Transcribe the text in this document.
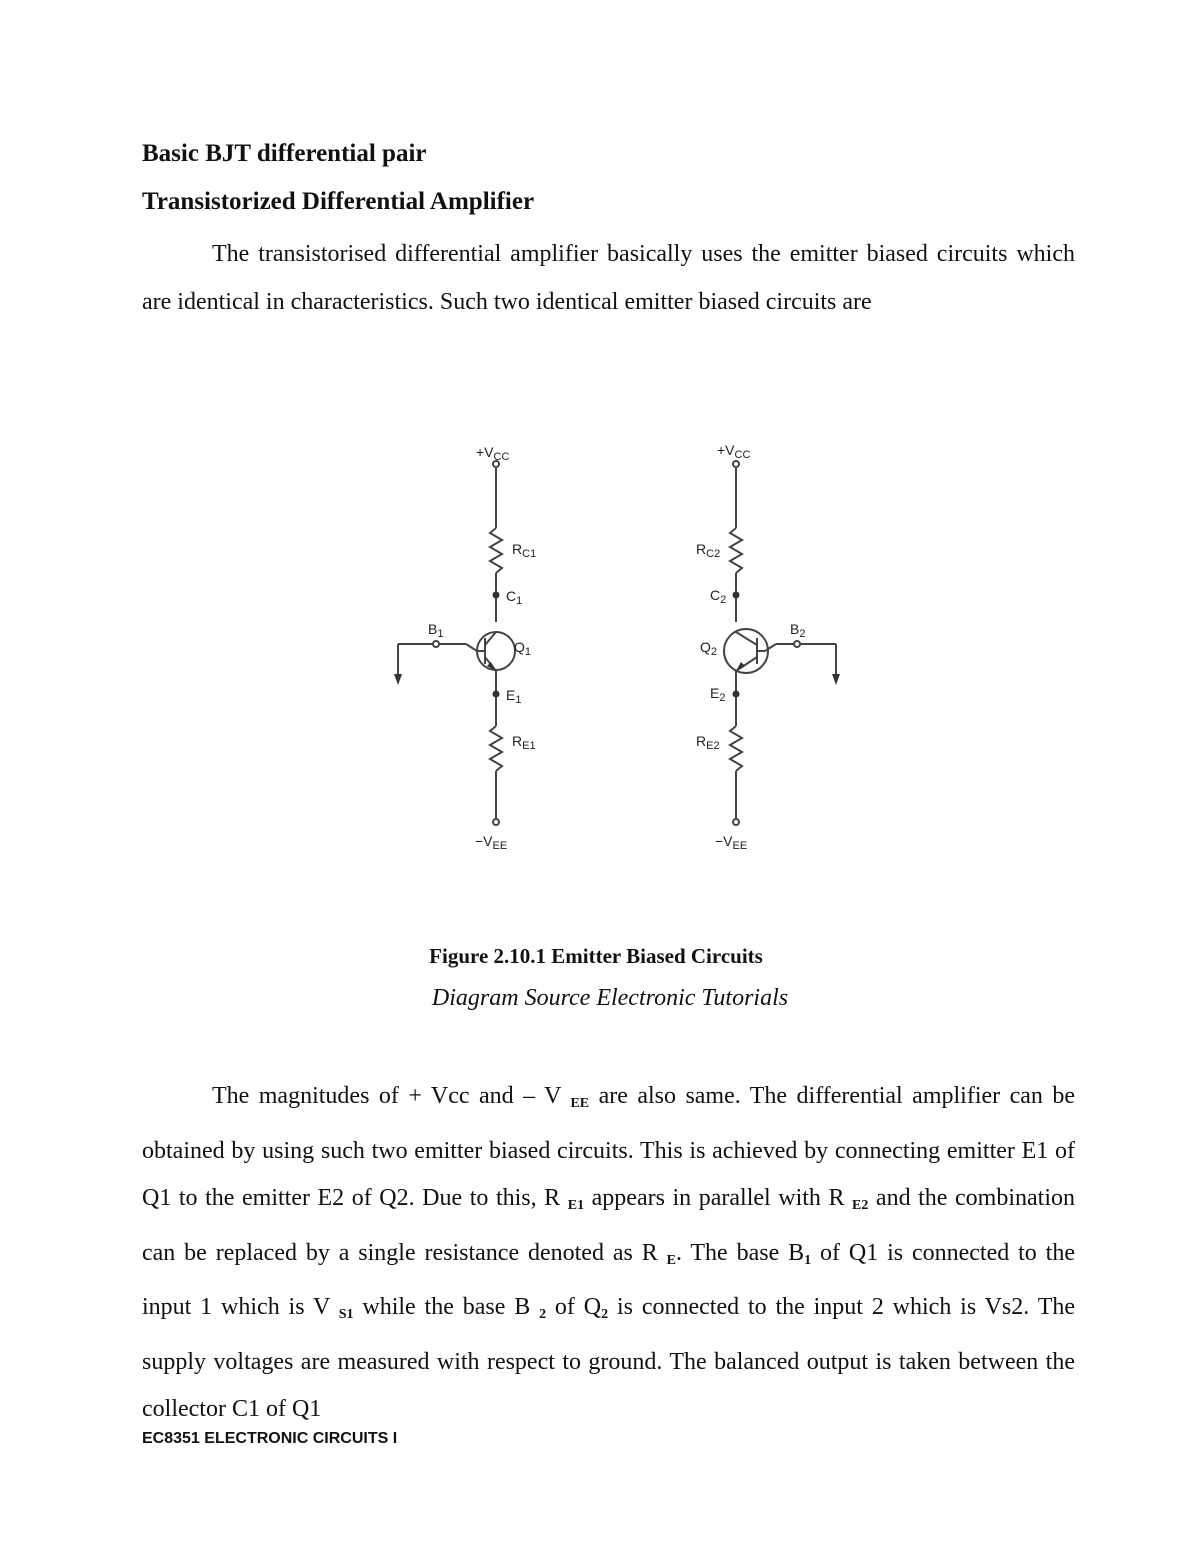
Basic BJT differential pair
Transistorized Differential Amplifier

The transistorised differential amplifier basically uses the emitter biased circuits which are identical in characteristics. Such two identical emitter biased circuits are

$+V_{CC}$
$R_{C1}$
$C_1$
$B_1$
$Q_1$
$E_1$
$R_{E1}$
$-V_{EE}$
$+V_{CC}$
$R_{C2}$
$C_2$
$B_2$
$Q_2$
$E_2$
$R_{E2}$
$-V_{EE}$

Figure 2.10.1 Emitter Biased Circuits

Diagram Source Electronic Tutorials

The magnitudes of + Vcc and – V $_{EE}$ are also same. The differential amplifier can be obtained by using such two emitter biased circuits. This is achieved by connecting emitter E1 of Q1 to the emitter E2 of Q2. Due to this, R $_{E1}$ appears in parallel with R $_{E2}$ and the combination can be replaced by a single resistance denoted as R $_E$. The base $B_1$ of Q1 is connected to the input 1 which is V $_{S1}$ while the base B $_2$ of $Q_2$ is connected to the input 2 which is Vs2. The supply voltages are measured with respect to ground. The balanced output is taken between the collector C1 of Q1

EC8351 ELECTRONIC CIRCUITS I
